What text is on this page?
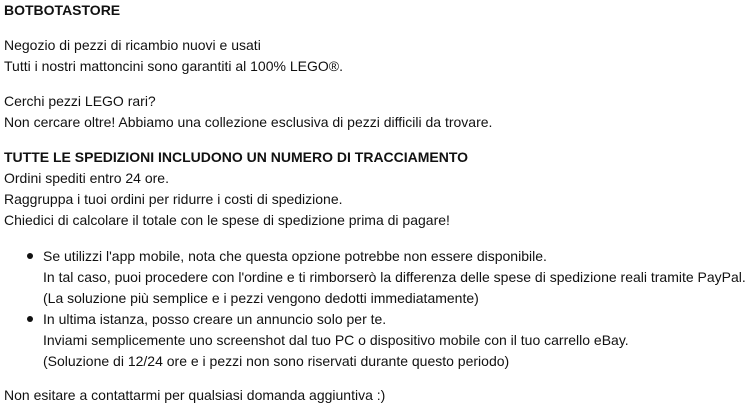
BOTBOTASTORE
Negozio di pezzi di ricambio nuovi e usati
Tutti i nostri mattoncini sono garantiti al 100% LEGO®.
Cerchi pezzi LEGO rari?
Non cercare oltre! Abbiamo una collezione esclusiva di pezzi difficili da trovare.
TUTTE LE SPEDIZIONI INCLUDONO UN NUMERO DI TRACCIAMENTO
Ordini spediti entro 24 ore.
Raggruppa i tuoi ordini per ridurre i costi di spedizione.
Chiedici di calcolare il totale con le spese di spedizione prima di pagare!
Se utilizzi l'app mobile, nota che questa opzione potrebbe non essere disponibile.
In tal caso, puoi procedere con l'ordine e ti rimborserò la differenza delle spese di spedizione reali tramite PayPal.
(La soluzione più semplice e i pezzi vengono dedotti immediatamente)
In ultima istanza, posso creare un annuncio solo per te.
Inviami semplicemente uno screenshot dal tuo PC o dispositivo mobile con il tuo carrello eBay.
(Soluzione di 12/24 ore e i pezzi non sono riservati durante questo periodo)
Non esitare a contattarmi per qualsiasi domanda aggiuntiva :)
